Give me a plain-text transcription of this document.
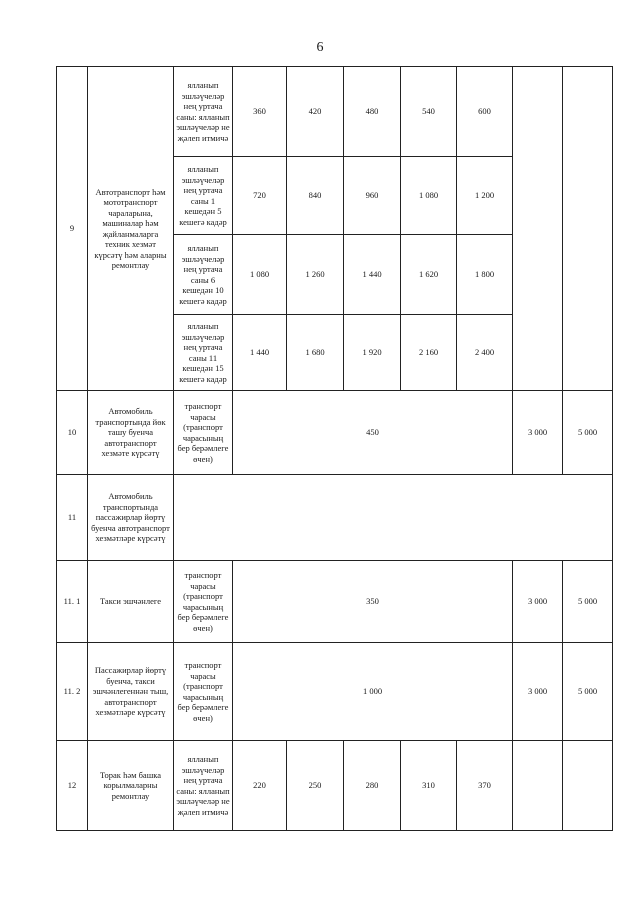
6
9	Автотранспорт һәм мототранспорт чараларына, машиналар һәм җайланмаларга техник хезмәт күрсәтү һәм аларны ремонтлау	ялланып эшләүчеләр нең уртача саны: ялланып эшләүчеләр не җәлеп итмичә	360	420	480	540	600		
		ялланып эшләүчеләр нең уртача саны 1 кешедән 5 кешегә кадәр	720	840	960	1 080	1 200		
		ялланып эшләүчеләр нең уртача саны 6 кешедән 10 кешегә кадәр	1 080	1 260	1 440	1 620	1 800		
		ялланып эшләүчеләр нең уртача саны 11 кешедән 15 кешегә кадәр	1 440	1 680	1 920	2 160	2 400		
10	Автомобиль транспортында йөк ташу буенча автотранспорт хезмәте күрсәтү	транспорт чарасы (транспорт чарасының бер берәмлеге өчен)	450					3 000	5 000
11	Автомобиль транспортында пассажирлар йөртү буенча автотранспорт хезмәтләре күрсәтү								
11. 1	Такси эшчәнлеге	транспорт чарасы (транспорт чарасының бер берәмлеге өчен)	350					3 000	5 000
11. 2	Пассажирлар йөртү буенча, такси эшчәнлегеннән тыш, автотранспорт хезмәтләре күрсәтү	транспорт чарасы (транспорт чарасының бер берәмлеге өчен)	1 000					3 000	5 000
12	Торак һәм башка корылмаларны ремонтлау	ялланып эшләүчеләр нең уртача саны: ялланып эшләүчеләр не җәлеп итмичә	220	250	280	310	370		
